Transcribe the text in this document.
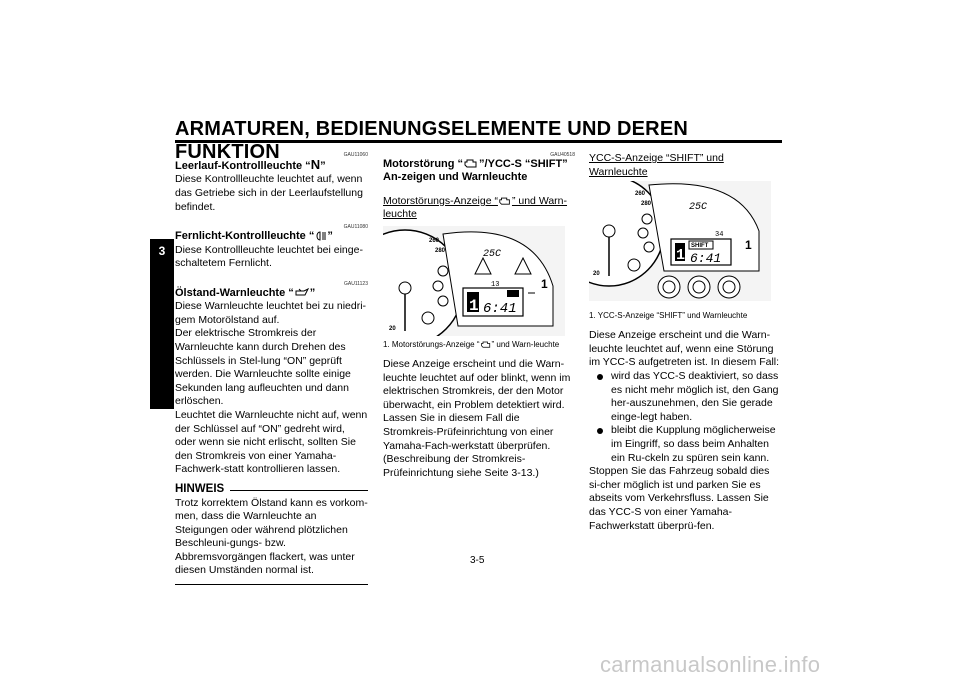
ARMATUREN, BEDIENUNGSELEMENTE UND DEREN FUNKTION
3
GAU11060
Leerlauf-Kontrollleuchte “N”

Diese Kontrollleuchte leuchtet auf, wenn das Getriebe sich in der Leerlaufstellung befindet.

GAU11080
Fernlicht-Kontrollleuchte “ ”

Diese Kontrollleuchte leuchtet bei einge-schaltetem Fernlicht.

GAU11123
Ölstand-Warnleuchte “ ”

Diese Warnleuchte leuchtet bei zu niedri-gem Motorölstand auf.

Der elektrische Stromkreis der Warnleuchte kann durch Drehen des Schlüssels in Stel-lung “ON” geprüft werden. Die Warnleuchte sollte einige Sekunden lang aufleuchten und dann erlöschen.

Leuchtet die Warnleuchte nicht auf, wenn der Schlüssel auf “ON” gedreht wird, oder wenn sie nicht erlischt, sollten Sie den Stromkreis von einer Yamaha-Fachwerk-statt kontrollieren lassen.

HINWEIS

Trotz korrektem Ölstand kann es vorkom-men, dass die Warnleuchte an Steigungen oder während plötzlichen Beschleuni-gungs- bzw. Abbremsvorgängen flackert, was unter diesen Umständen normal ist.

GAU40518
Motorstörung “ ”/YCC-S “SHIFT” An-zeigen und Warnleuchte
Motorstörungs-Anzeige “ ” und Warn-leuchte
260
280
20
25C
13
1 6:41
1
1. Motorstörungs-Anzeige “ ” und Warn-leuchte

Diese Anzeige erscheint und die Warn-leuchte leuchtet auf oder blinkt, wenn im elektrischen Stromkreis, der den Motor überwacht, ein Problem detektiert wird. Lassen Sie in diesem Fall die Stromkreis-Prüfeinrichtung von einer Yamaha-Fach-werkstatt überprüfen. (Beschreibung der Stromkreis-Prüfeinrichtung siehe Seite 3-13.)

YCC-S-Anzeige “SHIFT” und Warnleuchte
260
280
20
25C
34
SHIFT
1 6:41
1
1. YCC-S-Anzeige “SHIFT” und Warnleuchte

Diese Anzeige erscheint und die Warn-leuchte leuchtet auf, wenn eine Störung im YCC-S aufgetreten ist. In diesem Fall:

wird das YCC-S deaktiviert, so dass es nicht mehr möglich ist, den Gang her-auszunehmen, den Sie gerade einge-legt haben.
bleibt die Kupplung möglicherweise im Eingriff, so dass beim Anhalten ein Ru-ckeln zu spüren sein kann.

Stoppen Sie das Fahrzeug sobald dies si-cher möglich ist und parken Sie es abseits vom Verkehrsfluss. Lassen Sie das YCC-S von einer Yamaha-Fachwerkstatt überprü-fen.

3-5
carmanualsonline.info
